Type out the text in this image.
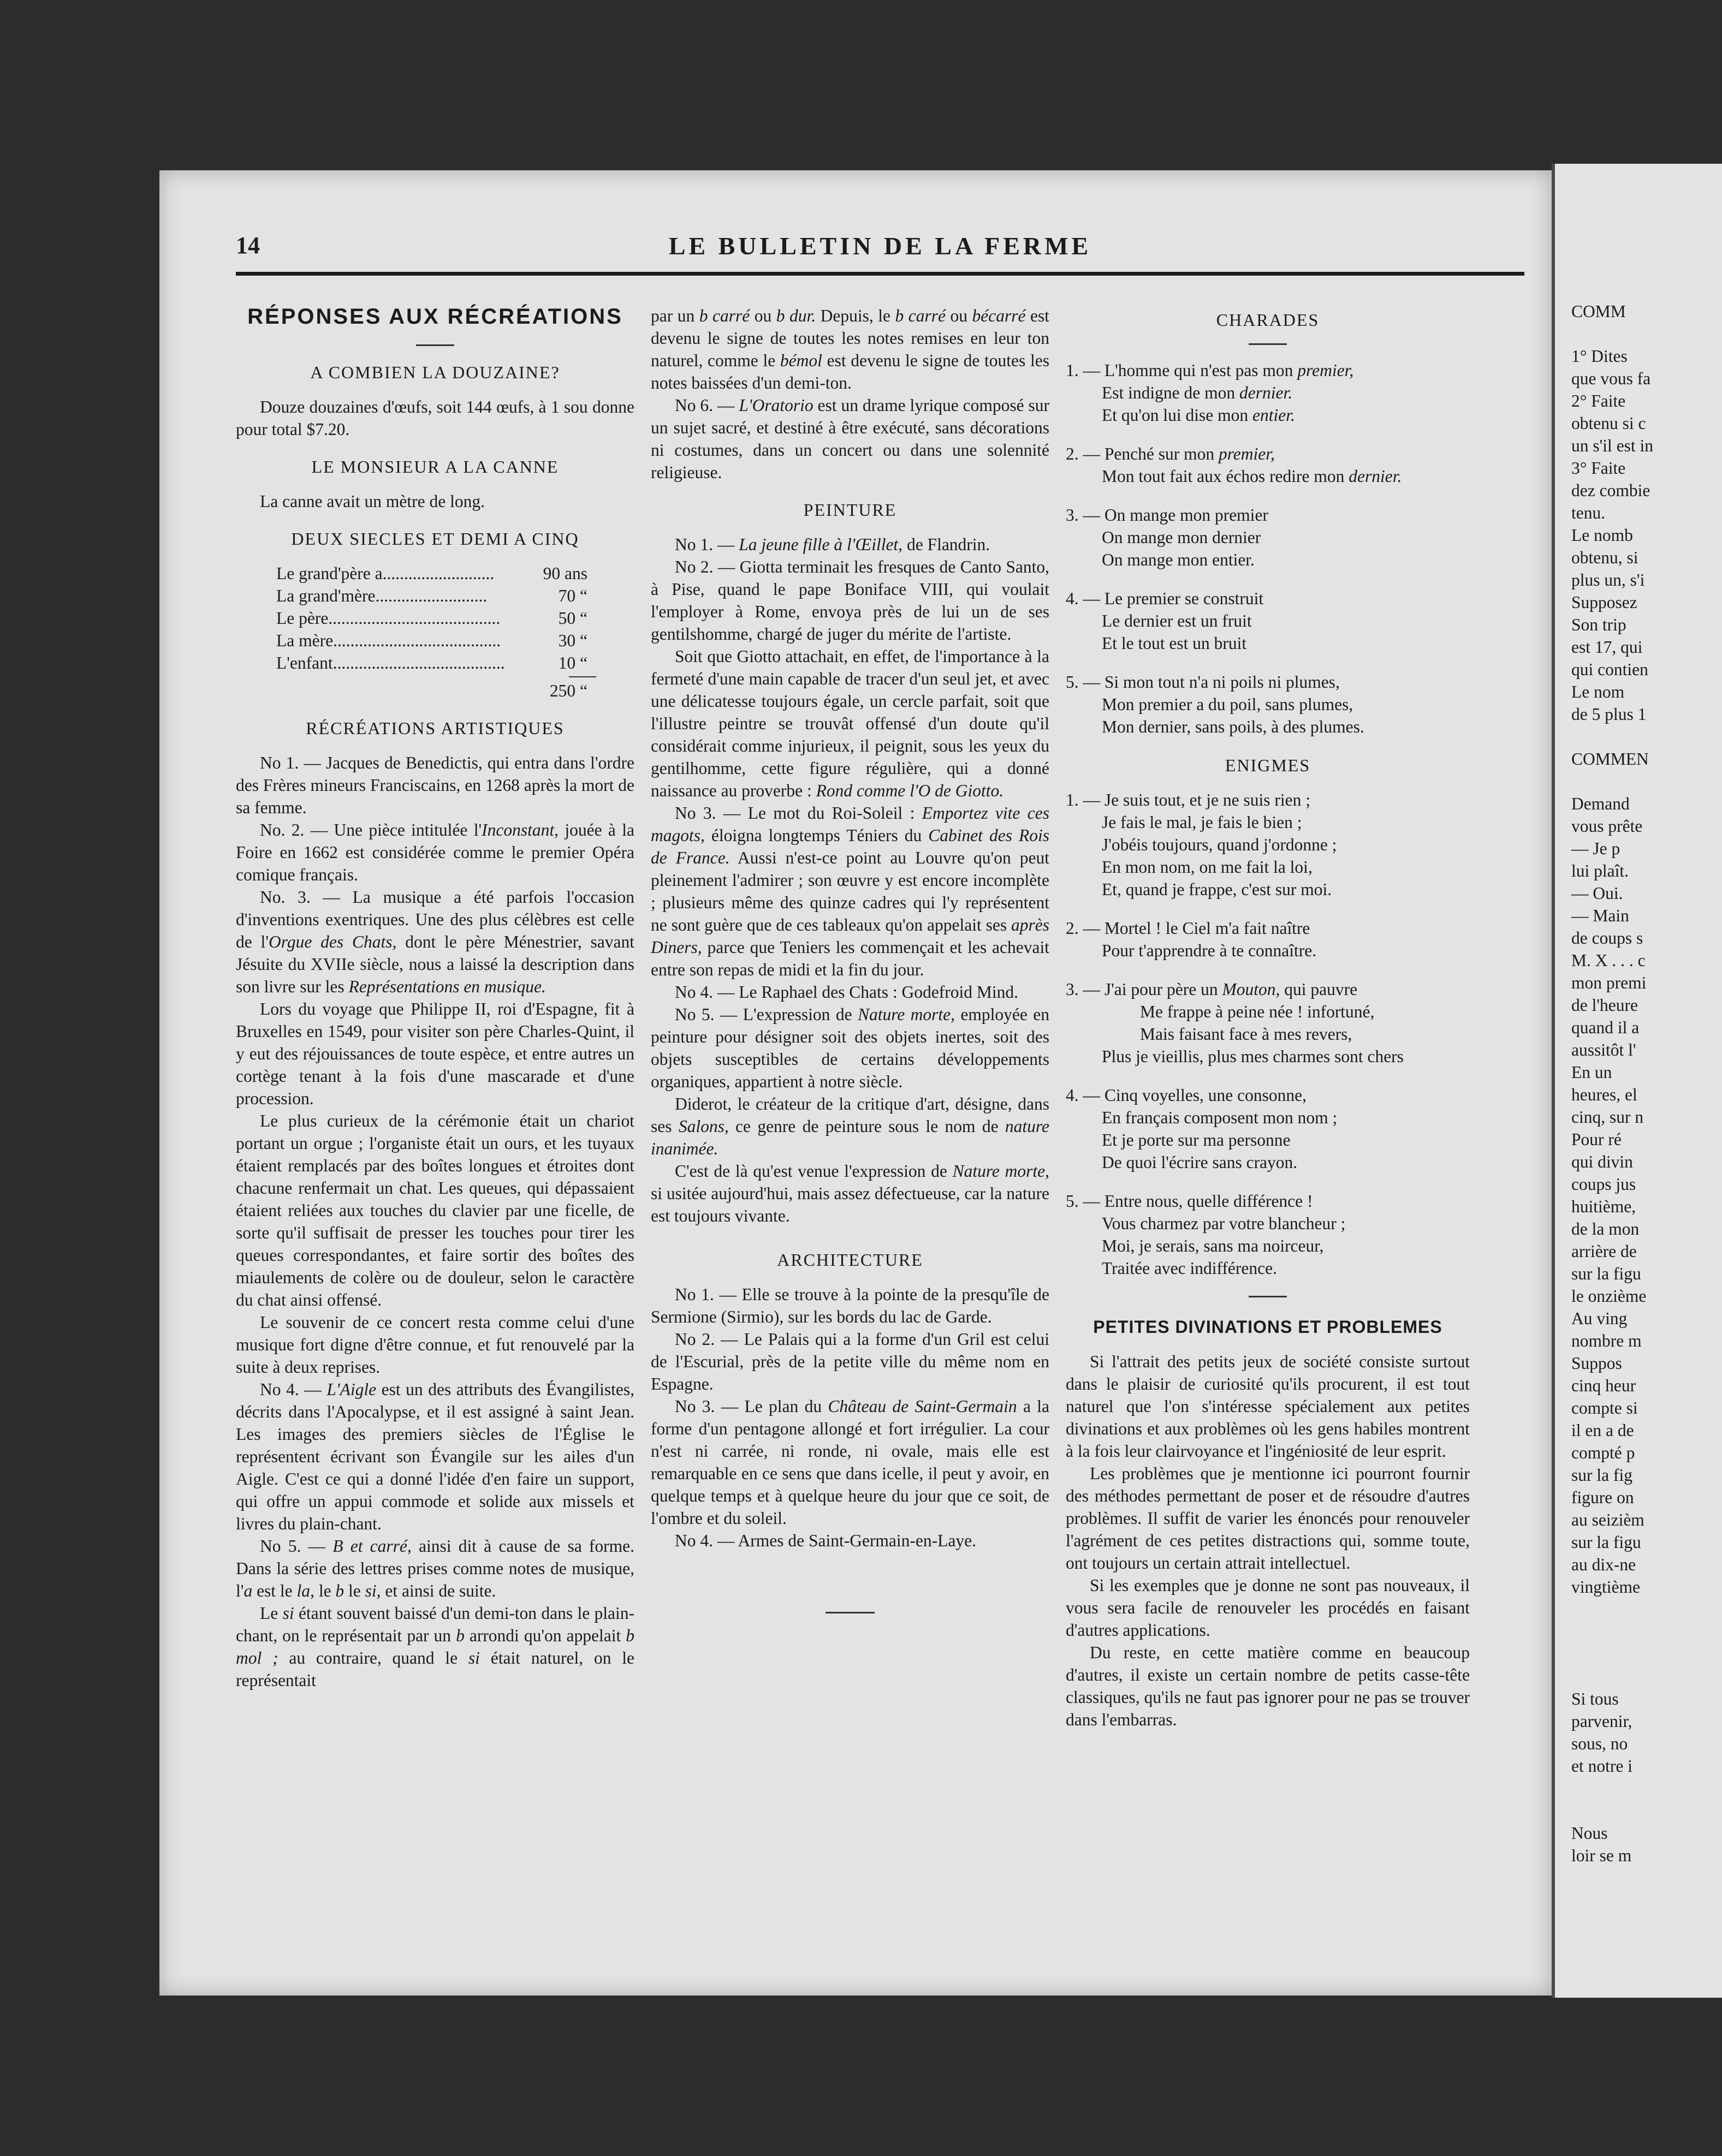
14	LE BULLETIN DE LA FERME
RÉPONSES AUX RÉCRÉATIONS
A COMBIEN LA DOUZAINE?

Douze douzaines d'œufs, soit 144 œufs, à 1 sou donne pour total $7.20.

LE MONSIEUR A LA CANNE

La canne avait un mètre de long.

DEUX SIECLES ET DEMI A CINQ
Le grand'père a..........................	90 ans
La grand'mère..........................	70 “
Le père........................................	50 “
La mère.......................................	30 “
L'enfant........................................	10 “
250 “
RÉCRÉATIONS ARTISTIQUES

No 1. — Jacques de Benedictis, qui entra dans l'ordre des Frères mineurs Franciscains, en 1268 après la mort de sa femme.

No. 2. — Une pièce intitulée l'Inconstant, jouée à la Foire en 1662 est considérée comme le premier Opéra comique français.

No. 3. — La musique a été parfois l'occasion d'inventions exentriques. Une des plus célèbres est celle de l'Orgue des Chats, dont le père Ménestrier, savant Jésuite du XVIIe siècle, nous a laissé la description dans son livre sur les Représentations en musique.

Lors du voyage que Philippe II, roi d'Espagne, fit à Bruxelles en 1549, pour visiter son père Charles-Quint, il y eut des réjouissances de toute espèce, et entre autres un cortège tenant à la fois d'une mascarade et d'une procession.

Le plus curieux de la cérémonie était un chariot portant un orgue ; l'organiste était un ours, et les tuyaux étaient remplacés par des boîtes longues et étroites dont chacune renfermait un chat. Les queues, qui dépassaient étaient reliées aux touches du clavier par une ficelle, de sorte qu'il suffisait de presser les touches pour tirer les queues correspondantes, et faire sortir des boîtes des miaulements de colère ou de douleur, selon le caractère du chat ainsi offensé.

Le souvenir de ce concert resta comme celui d'une musique fort digne d'être connue, et fut renouvelé par la suite à deux reprises.

No 4. — L'Aigle est un des attributs des Évangilistes, décrits dans l'Apocalypse, et il est assigné à saint Jean. Les images des premiers siècles de l'Église le représentent écrivant son Évangile sur les ailes d'un Aigle. C'est ce qui a donné l'idée d'en faire un support, qui offre un appui commode et solide aux missels et livres du plain-chant.

No 5. — B et carré, ainsi dit à cause de sa forme. Dans la série des lettres prises comme notes de musique, l'a est le la, le b le si, et ainsi de suite.

Le si étant souvent baissé d'un demi-ton dans le plain-chant, on le représentait par un b arrondi qu'on appelait b mol ; au contraire, quand le si était naturel, on le représentait

par un b carré ou b dur. Depuis, le b carré ou bécarré est devenu le signe de toutes les notes remises en leur ton naturel, comme le bémol est devenu le signe de toutes les notes baissées d'un demi-ton.

No 6. — L'Oratorio est un drame lyrique composé sur un sujet sacré, et destiné à être exécuté, sans décorations ni costumes, dans un concert ou dans une solennité religieuse.

PEINTURE

No 1. — La jeune fille à l'Œillet, de Flandrin.

No 2. — Giotta terminait les fresques de Canto Santo, à Pise, quand le pape Boniface VIII, qui voulait l'employer à Rome, envoya près de lui un de ses gentilshomme, chargé de juger du mérite de l'artiste.

Soit que Giotto attachait, en effet, de l'importance à la fermeté d'une main capable de tracer d'un seul jet, et avec une délicatesse toujours égale, un cercle parfait, soit que l'illustre peintre se trouvât offensé d'un doute qu'il considérait comme injurieux, il peignit, sous les yeux du gentilhomme, cette figure régulière, qui a donné naissance au proverbe : Rond comme l'O de Giotto.

No 3. — Le mot du Roi-Soleil : Emportez vite ces magots, éloigna longtemps Téniers du Cabinet des Rois de France. Aussi n'est-ce point au Louvre qu'on peut pleinement l'admirer ; son œuvre y est encore incomplète ; plusieurs même des quinze cadres qui l'y représentent ne sont guère que de ces tableaux qu'on appelait ses après Diners, parce que Teniers les commençait et les achevait entre son repas de midi et la fin du jour.

No 4. — Le Raphael des Chats : Godefroid Mind.

No 5. — L'expression de Nature morte, employée en peinture pour désigner soit des objets inertes, soit des objets susceptibles de certains développements organiques, appartient à notre siècle.

Diderot, le créateur de la critique d'art, désigne, dans ses Salons, ce genre de peinture sous le nom de nature inanimée.

C'est de là qu'est venue l'expression de Nature morte, si usitée aujourd'hui, mais assez défectueuse, car la nature est toujours vivante.

ARCHITECTURE

No 1. — Elle se trouve à la pointe de la presqu'île de Sermione (Sirmio), sur les bords du lac de Garde.

No 2. — Le Palais qui a la forme d'un Gril est celui de l'Escurial, près de la petite ville du même nom en Espagne.

No 3. — Le plan du Château de Saint-Germain a la forme d'un pentagone allongé et fort irrégulier. La cour n'est ni carrée, ni ronde, ni ovale, mais elle est remarquable en ce sens que dans icelle, il peut y avoir, en quelque temps et à quelque heure du jour que ce soit, de l'ombre et du soleil.

No 4. — Armes de Saint-Germain-en-Laye.

CHARADES
1. — L'homme qui n'est pas mon premier,
Est indigne de mon dernier.
Et qu'on lui dise mon entier.
2. — Penché sur mon premier,
Mon tout fait aux échos redire mon dernier.
3. — On mange mon premier
On mange mon dernier
On mange mon entier.
4. — Le premier se construit
Le dernier est un fruit
Et le tout est un bruit
5. — Si mon tout n'a ni poils ni plumes,
Mon premier a du poil, sans plumes,
Mon dernier, sans poils, à des plumes.
ENIGMES
1. — Je suis tout, et je ne suis rien ;
Je fais le mal, je fais le bien ;
J'obéis toujours, quand j'ordonne ;
En mon nom, on me fait la loi,
Et, quand je frappe, c'est sur moi.
2. — Mortel ! le Ciel m'a fait naître
Pour t'apprendre à te connaître.
3. — J'ai pour père un Mouton, qui pauvre
Me frappe à peine née ! infortuné,
Mais faisant face à mes revers,
Plus je vieillis, plus mes charmes sont chers
4. — Cinq voyelles, une consonne,
En français composent mon nom ;
Et je porte sur ma personne
De quoi l'écrire sans crayon.
5. — Entre nous, quelle différence !
Vous charmez par votre blancheur ;
Moi, je serais, sans ma noirceur,
Traitée avec indifférence.
PETITES DIVINATIONS ET PROBLEMES

Si l'attrait des petits jeux de société consiste surtout dans le plaisir de curiosité qu'ils procurent, il est tout naturel que l'on s'intéresse spécialement aux petites divinations et aux problèmes où les gens habiles montrent à la fois leur clairvoyance et l'ingéniosité de leur esprit.

Les problèmes que je mentionne ici pourront fournir des méthodes permettant de poser et de résoudre d'autres problèmes. Il suffit de varier les énoncés pour renouveler l'agrément de ces petites distractions qui, somme toute, ont toujours un certain attrait intellectuel.

Si les exemples que je donne ne sont pas nouveaux, il vous sera facile de renouveler les procédés en faisant d'autres applications.

Du reste, en cette matière comme en beaucoup d'autres, il existe un certain nombre de petits casse-tête classiques, qu'ils ne faut pas ignorer pour ne pas se trouver dans l'embarras.

COMM

1° Dites
que vous fa
2° Faite
obtenu si c
un s'il est in
3° Faite
dez combie
tenu.
Le nomb
obtenu, si
plus un, s'i
Supposez
Son trip
est 17, qui
qui contien
Le nom
de 5 plus 1

COMMEN

Demand
vous prête
— Je p
lui plaît.
— Oui.
— Main
de coups s
M. X . . . c
mon premi
de l'heure
quand il a
aussitôt l'
En un
heures, el
cinq, sur n
Pour ré
qui divin
coups jus
huitième,
de la mon
arrière de
sur la figu
le onzième
Au ving
nombre m
Suppos
cinq heur
compte si
il en a de
compté p
sur la fig
figure on
au seizièm
sur la figu
au dix-ne
vingtième

Si tous
parvenir,
sous, no
et notre i

Nous
loir se m
